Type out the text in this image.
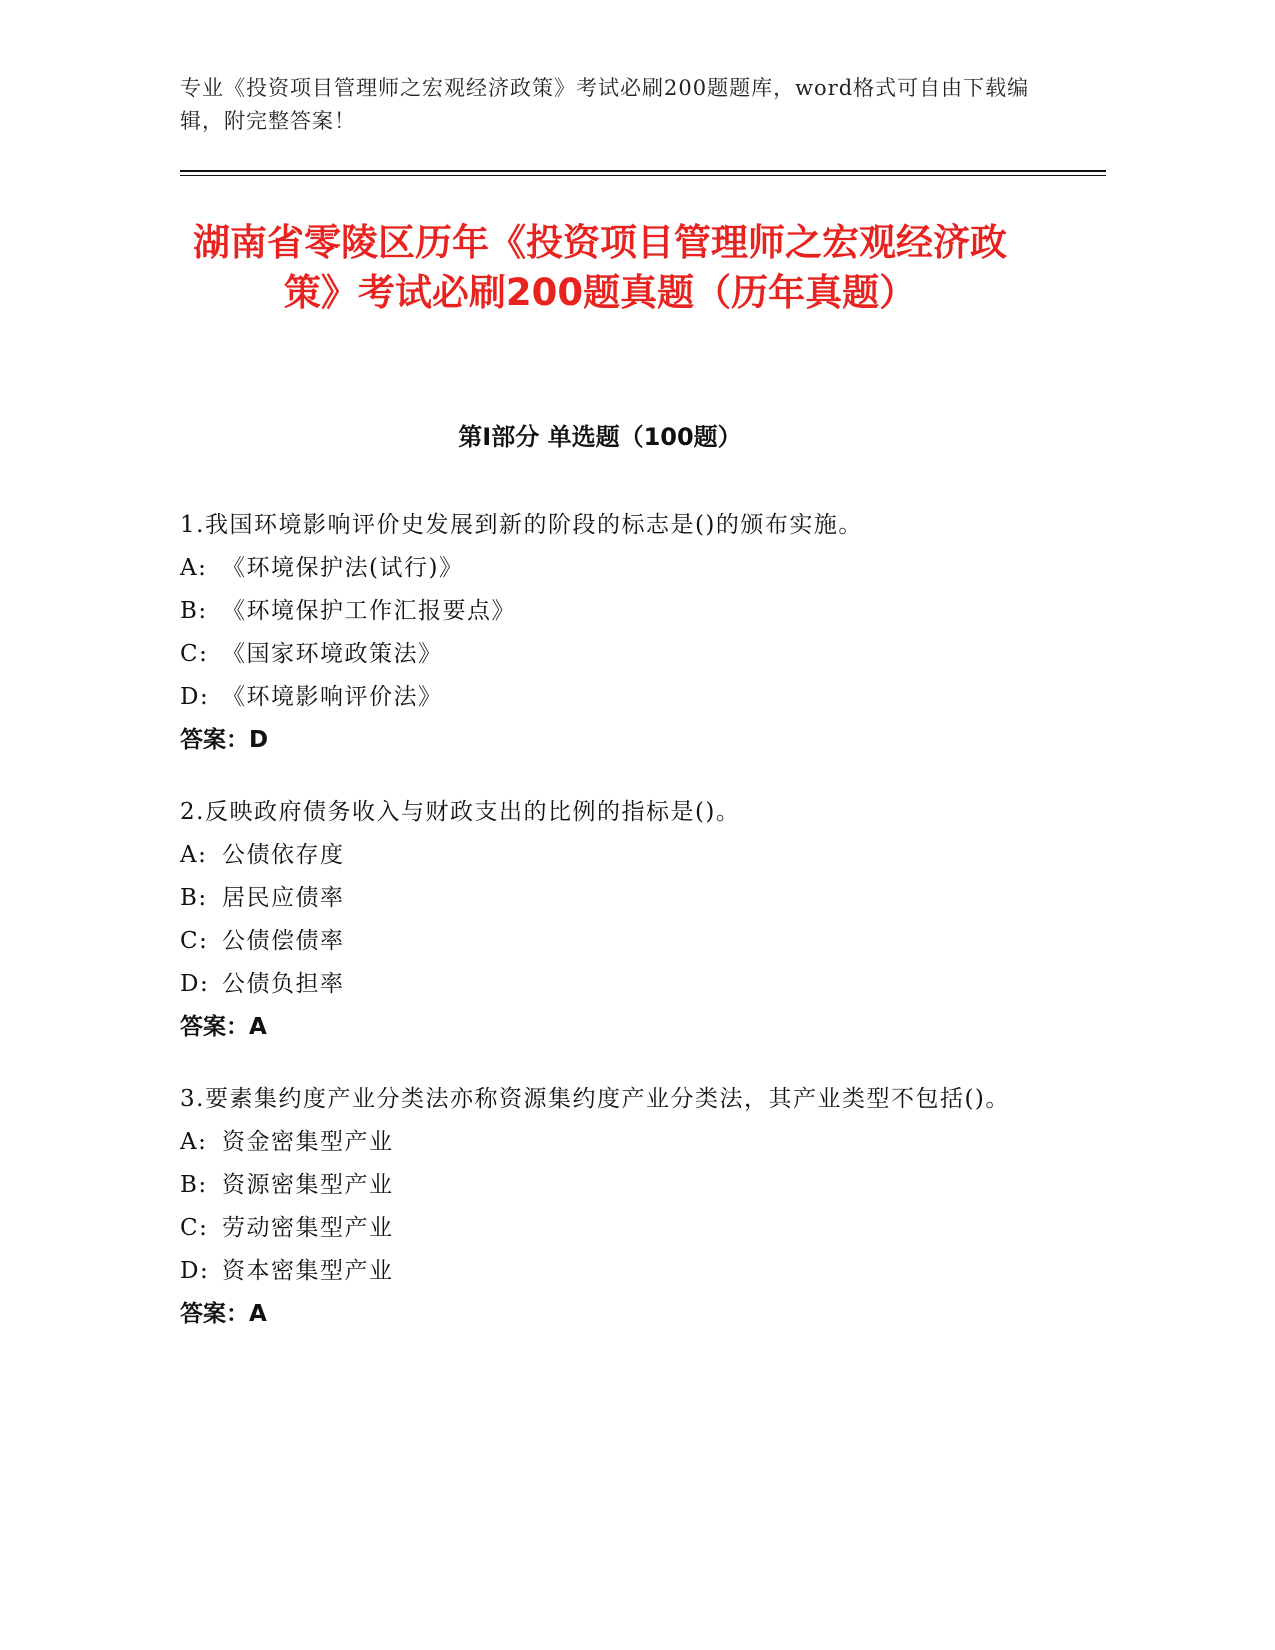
专业《投资项目管理师之宏观经济政策》考试必刷200题题库，word格式可自由下载编辑，附完整答案！
湖南省零陵区历年《投资项目管理师之宏观经济政策》考试必刷200题真题（历年真题）
第Ⅰ部分 单选题（100题）
1.我国环境影响评价史发展到新的阶段的标志是()的颁布实施。
A: 《环境保护法(试行)》
B: 《环境保护工作汇报要点》
C: 《国家环境政策法》
D: 《环境影响评价法》
答案：D
2.反映政府债务收入与财政支出的比例的指标是()。
A: 公债依存度
B: 居民应债率
C: 公债偿债率
D: 公债负担率
答案：A
3.要素集约度产业分类法亦称资源集约度产业分类法，其产业类型不包括()。
A: 资金密集型产业
B: 资源密集型产业
C: 劳动密集型产业
D: 资本密集型产业
答案：A
